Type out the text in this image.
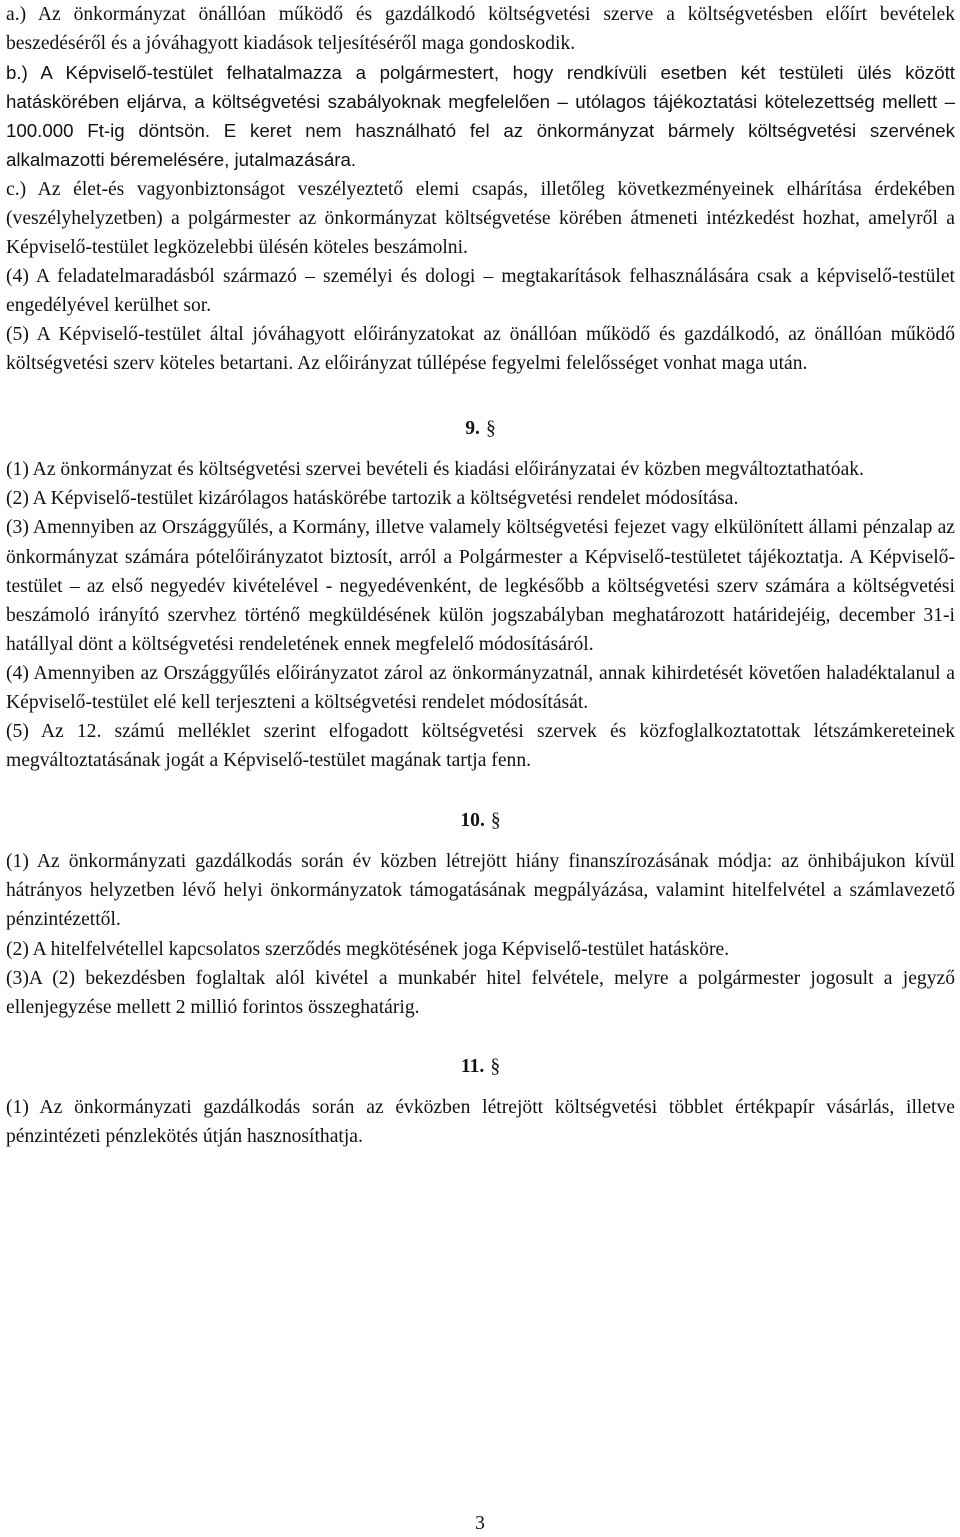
a.) Az önkormányzat önállóan működő és gazdálkodó költségvetési szerve a költségvetésben előírt bevételek beszedéséről és a jóváhagyott kiadások teljesítéséről maga gondoskodik.

b.) A Képviselő-testület felhatalmazza a polgármestert, hogy rendkívüli esetben két testületi ülés között hatáskörében eljárva, a költségvetési szabályoknak megfelelően – utólagos tájékoztatási kötelezettség mellett – 100.000 Ft-ig döntsön. E keret nem használható fel az önkormányzat bármely költségvetési szervének alkalmazotti béremelésére, jutalmazására.

c.) Az élet-és vagyonbiztonságot veszélyeztető elemi csapás, illetőleg következményeinek elhárítása érdekében (veszélyhelyzetben) a polgármester az önkormányzat költségvetése körében átmeneti intézkedést hozhat, amelyről a Képviselő-testület legközelebbi ülésén köteles beszámolni.

(4) A feladatelmaradásból származó – személyi és dologi – megtakarítások felhasználására csak a képviselő-testület engedélyével kerülhet sor.

(5) A Képviselő-testület által jóváhagyott előirányzatokat az önállóan működő és gazdálkodó, az önállóan működő költségvetési szerv köteles betartani. Az előirányzat túllépése fegyelmi felelősséget vonhat maga után.

9. §

(1) Az önkormányzat és költségvetési szervei bevételi és kiadási előirányzatai év közben megváltoztathatóak.

(2) A Képviselő-testület kizárólagos hatáskörébe tartozik a költségvetési rendelet módosítása.

(3) Amennyiben az Országgyűlés, a Kormány, illetve valamely költségvetési fejezet vagy elkülönített állami pénzalap az önkormányzat számára pótelőirányzatot biztosít, arról a Polgármester a Képviselő-testületet tájékoztatja. A Képviselő-testület – az első negyedév kivételével - negyedévenként, de legkésőbb a költségvetési szerv számára a költségvetési beszámoló irányító szervhez történő megküldésének külön jogszabályban meghatározott határidejéig, december 31-i hatállyal dönt a költségvetési rendeletének ennek megfelelő módosításáról.

(4) Amennyiben az Országgyűlés előirányzatot zárol az önkormányzatnál, annak kihirdetését követően haladéktalanul a Képviselő-testület elé kell terjeszteni a költségvetési rendelet módosítását.

(5) Az 12. számú melléklet szerint elfogadott költségvetési szervek és közfoglalkoztatottak létszámkereteinek megváltoztatásának jogát a Képviselő-testület magának tartja fenn.

10. §

(1) Az önkormányzati gazdálkodás során év közben létrejött hiány finanszírozásának módja: az önhibájukon kívül hátrányos helyzetben lévő helyi önkormányzatok támogatásának megpályázása, valamint hitelfelvétel a számlavezető pénzintézettől.

(2) A hitelfelvétellel kapcsolatos szerződés megkötésének joga Képviselő-testület hatásköre.

(3)A (2) bekezdésben foglaltak alól kivétel a munkabér hitel felvétele, melyre a polgármester jogosult a jegyző ellenjegyzése mellett 2 millió forintos összeghatárig.

11. §

(1) Az önkormányzati gazdálkodás során az évközben létrejött költségvetési többlet értékpapír vásárlás, illetve pénzintézeti pénzlekötés útján hasznosíthatja.

3
